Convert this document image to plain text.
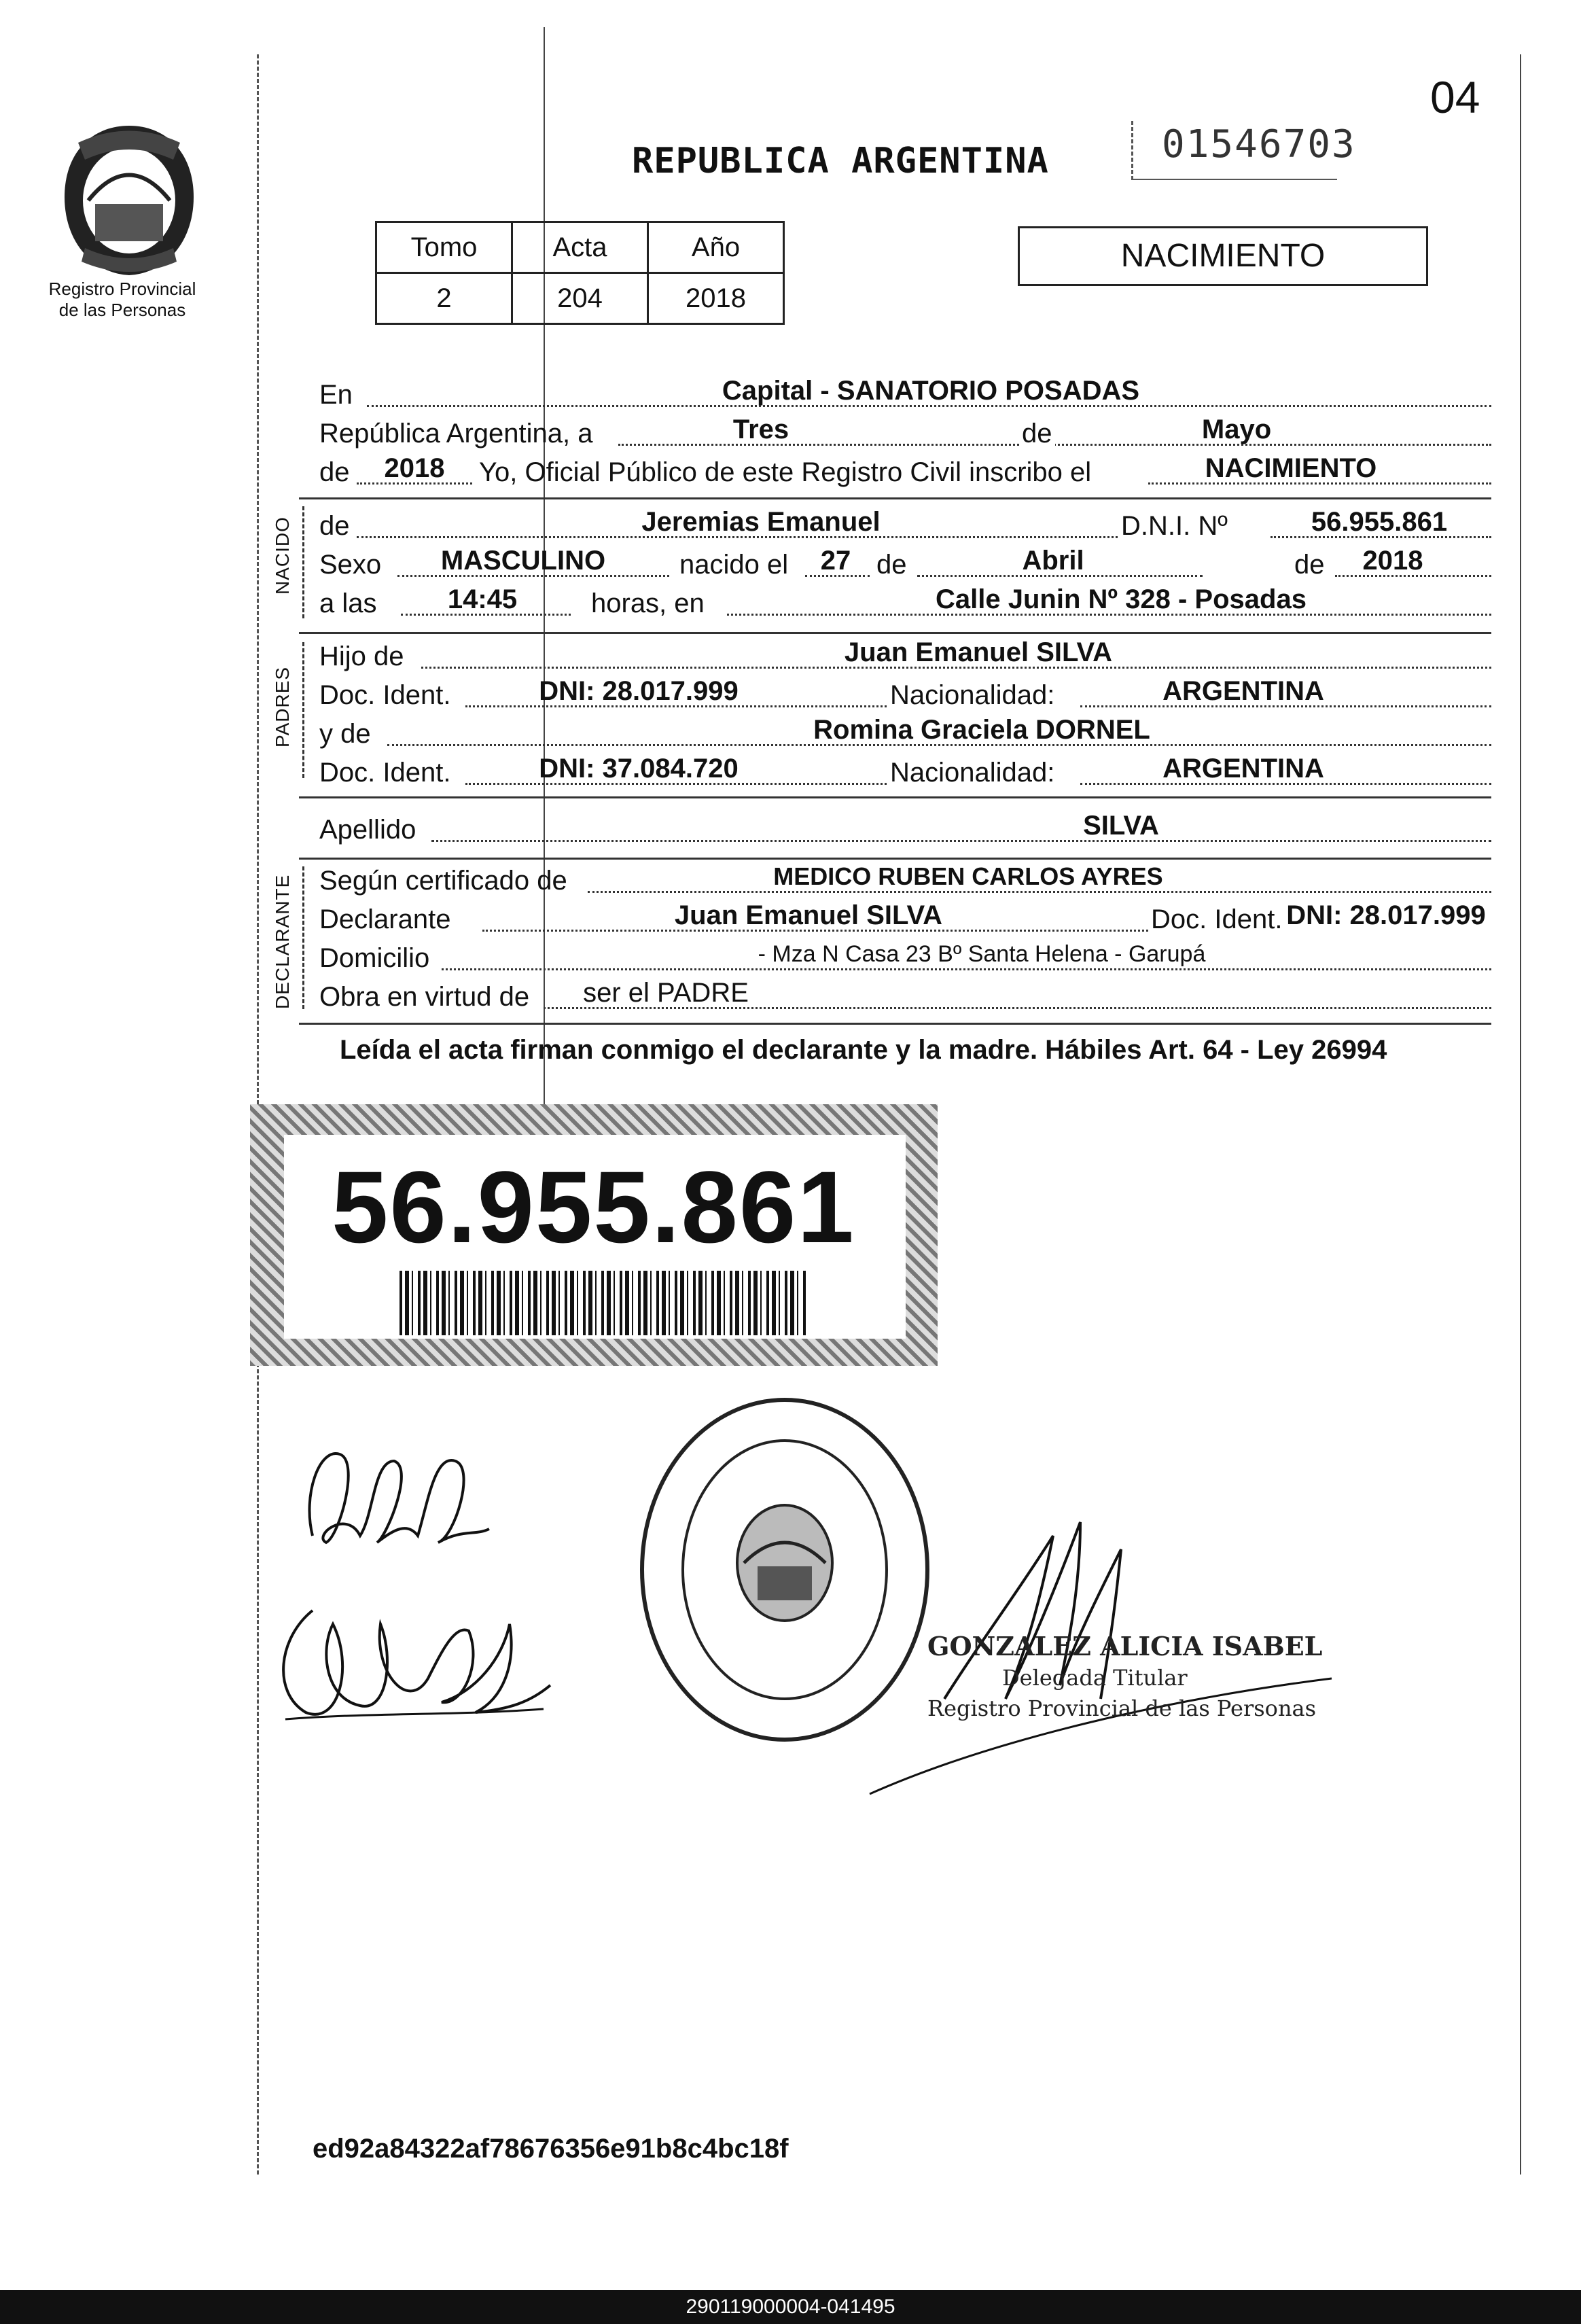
Registro Provincial
de las Personas
04
REPUBLICA ARGENTINA	01546703
Tomo	Acta	Año
2	204	2018
NACIMIENTO
En	Capital - SANATORIO POSADAS
República Argentina, a	Tres	de	Mayo
de	2018	Yo, Oficial Público de este Registro Civil inscribo el	NACIMIENTO
NACIDO de	Jeremias Emanuel	D.N.I. Nº	56.955.861
Sexo	MASCULINO	nacido el	27 de	Abril	de	2018
a las	14:45	horas, en	Calle Junin Nº 328 - Posadas
PADRES
Hijo de	Juan Emanuel SILVA
Doc. Ident.	DNI: 28.017.999	Nacionalidad:	ARGENTINA
y de	Romina Graciela DORNEL
Doc. Ident.	DNI: 37.084.720	Nacionalidad:	ARGENTINA
Apellido	SILVA
DECLARANTE Según certificado de	MEDICO RUBEN CARLOS AYRES
Declarante	Juan Emanuel SILVA	Doc. Ident. DNI: 28.017.999
Domicilio	- Mza N Casa 23 Bº Santa Helena - Garupá
Obra en virtud de	ser el PADRE
Leída el acta firman conmigo el declarante y la madre. Hábiles Art. 64 - Ley 26994
56.955.861
GONZALEZ ALICIA ISABEL
Delegada Titular
Registro Provincial de las Personas
ed92a84322af78676356e91b8c4bc18f
290119000004-041495
